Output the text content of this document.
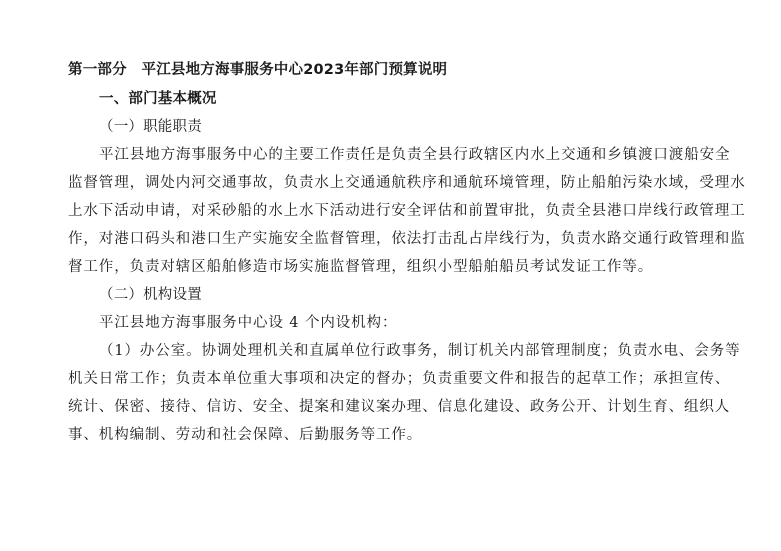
第一部分　平江县地方海事服务中心2023年部门预算说明
一、部门基本概况
（一）职能职责
平江县地方海事服务中心的主要工作责任是负责全县行政辖区内水上交通和乡镇渡口渡船安全
监督管理，调处内河交通事故，负责水上交通通航秩序和通航环境管理，防止船舶污染水域，受理水
上水下活动申请，对采砂船的水上水下活动进行安全评估和前置审批，负责全县港口岸线行政管理工
作，对港口码头和港口生产实施安全监督管理，依法打击乱占岸线行为，负责水路交通行政管理和监
督工作，负责对辖区船舶修造市场实施监督管理，组织小型船舶船员考试发证工作等。
（二）机构设置
平江县地方海事服务中心设 4 个内设机构：
（1）办公室。协调处理机关和直属单位行政事务，制订机关内部管理制度；负责水电、会务等
机关日常工作；负责本单位重大事项和决定的督办；负责重要文件和报告的起草工作；承担宣传、
统计、保密、接待、信访、安全、提案和建议案办理、信息化建设、政务公开、计划生育、组织人
事、机构编制、劳动和社会保障、后勤服务等工作。
